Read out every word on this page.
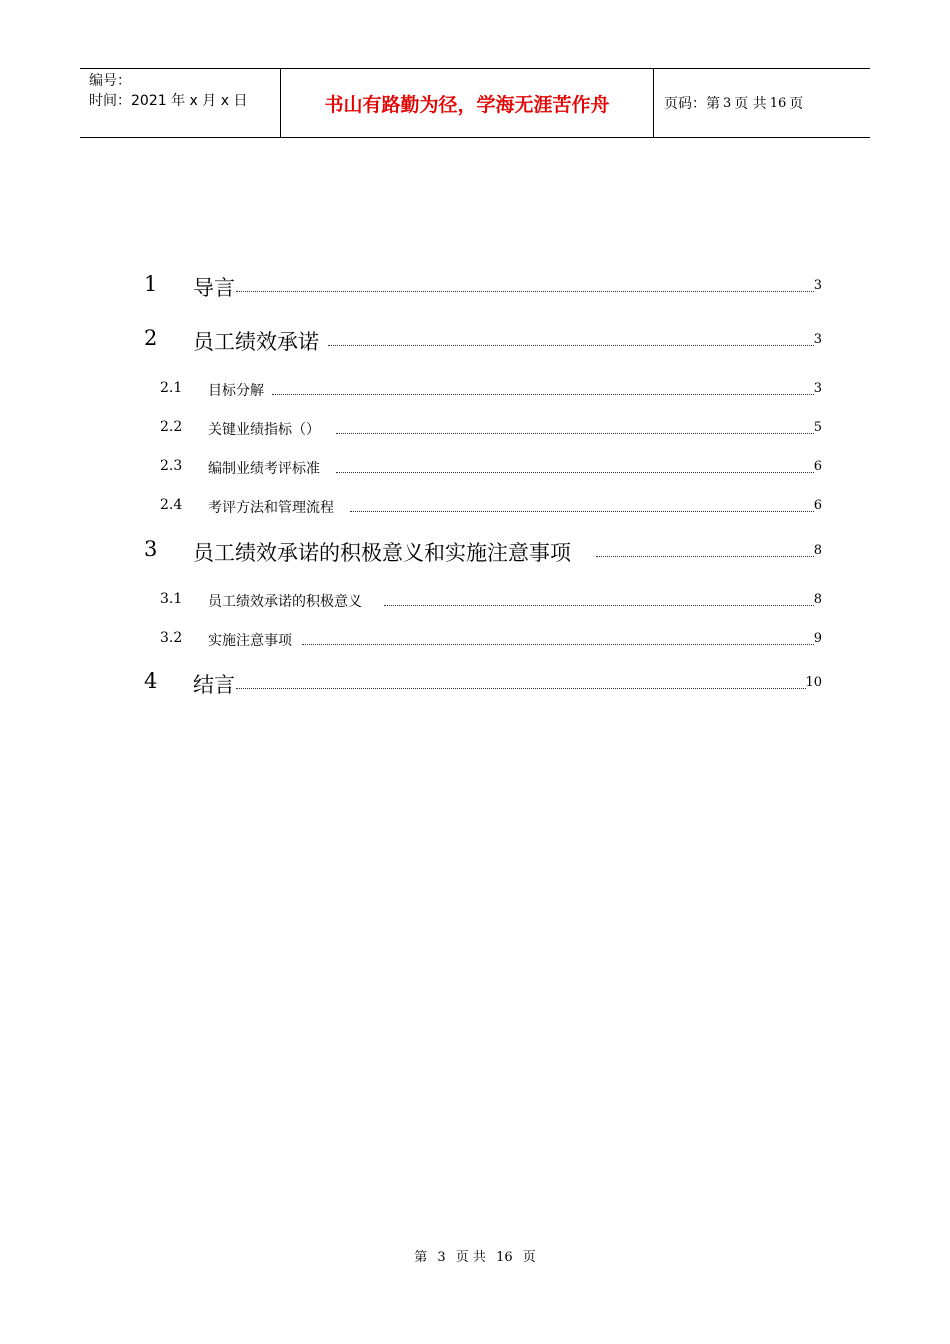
编号：
时间：2021 年 x 月 x 日	书山有路勤为径，学海无涯苦作舟	页码：第 3 页 共 16 页
1 导言	3
2 员工绩效承诺	3
2.1 目标分解	3
2.2 关键业绩指标（）	5
2.3 编制业绩考评标准	6
2.4 考评方法和管理流程	6
3 员工绩效承诺的积极意义和实施注意事项	8
3.1 员工绩效承诺的积极意义	8
3.2 实施注意事项	9
4 结言	10
第 3 页 共 16 页
